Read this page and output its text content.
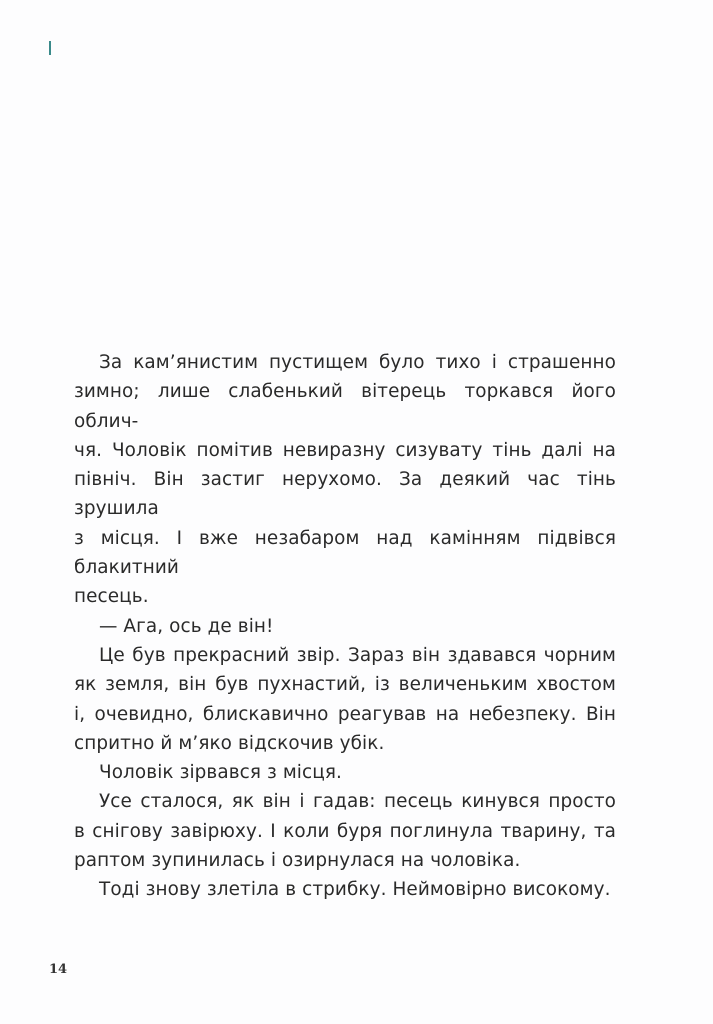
За кам’янистим пустищем було тихо і страшенно
зимно; лише слабенький вітерець торкався його облич-
чя. Чоловік помітив невиразну сизувату тінь далі на
північ. Він застиг нерухомо. За деякий час тінь зрушила
з місця. І вже незабаром над камінням підвівся блакитний
песець.

— Ага, ось де він!

Це був прекрасний звір. Зараз він здавався чорним
як земля, він був пухнастий, із величеньким хвостом
і, очевидно, блискавично реагував на небезпеку. Він
спритно й м’яко відскочив убік.

Чоловік зірвався з місця.

Усе сталося, як він і гадав: песець кинувся просто
в снігову завірюху. І коли буря поглинула тварину, та
раптом зупинилась і озирнулася на чоловіка.

Тоді знову злетіла в стрибку. Неймовірно високому.

14
